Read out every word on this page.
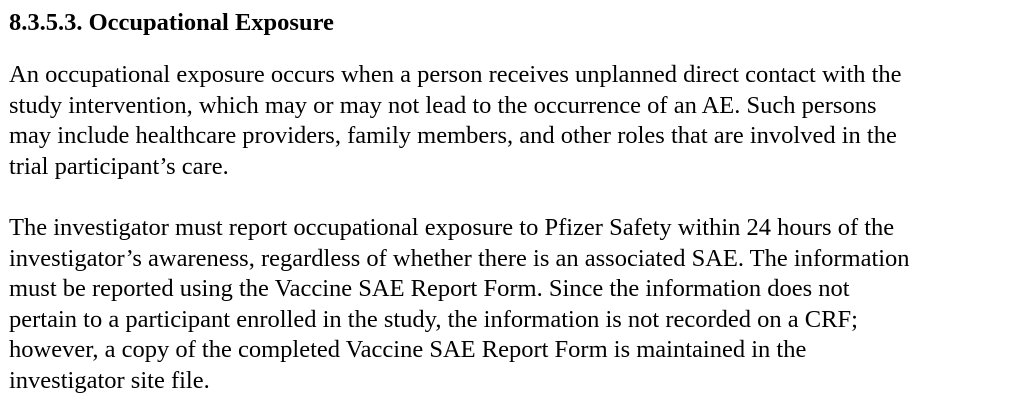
8.3.5.3. Occupational Exposure

An occupational exposure occurs when a person receives unplanned direct contact with the
study intervention, which may or may not lead to the occurrence of an AE. Such persons
may include healthcare providers, family members, and other roles that are involved in the
trial participant’s care.

The investigator must report occupational exposure to Pfizer Safety within 24 hours of the
investigator’s awareness, regardless of whether there is an associated SAE. The information
must be reported using the Vaccine SAE Report Form. Since the information does not
pertain to a participant enrolled in the study, the information is not recorded on a CRF;
however, a copy of the completed Vaccine SAE Report Form is maintained in the
investigator site file.
